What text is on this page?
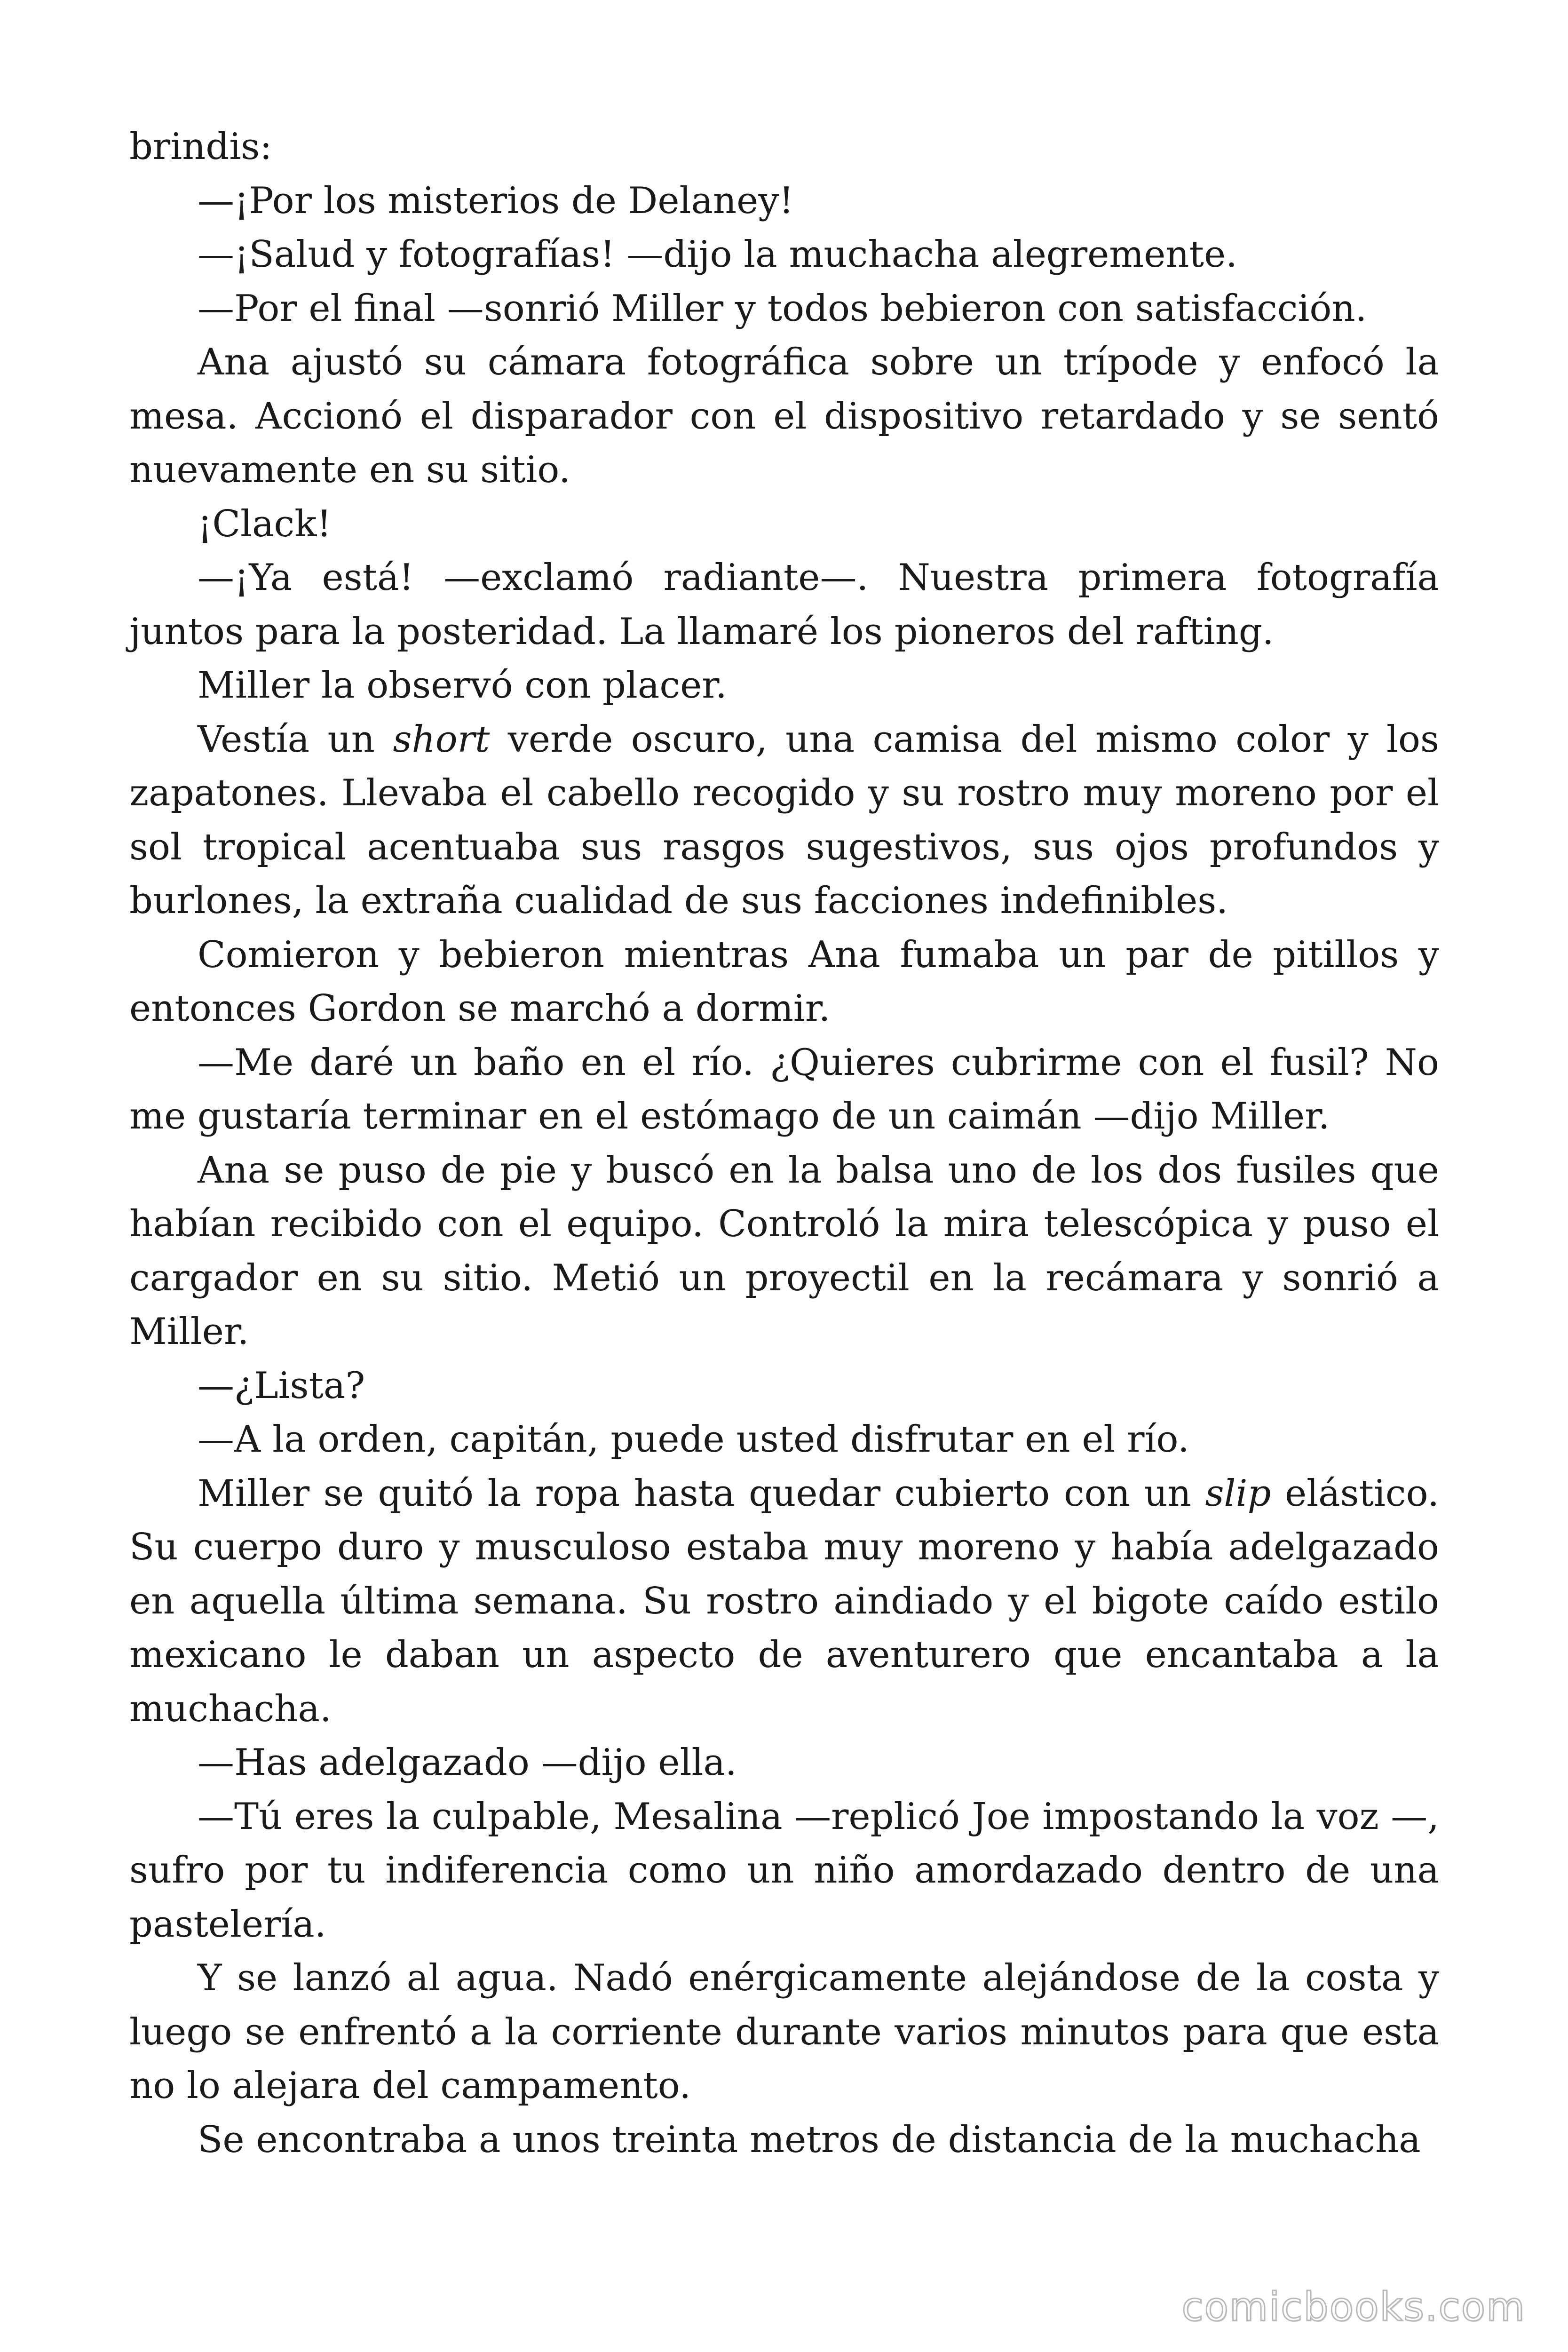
brindis:

—¡Por los misterios de Delaney!

—¡Salud y fotografías! —dijo la muchacha alegremente.

—Por el final —sonrió Miller y todos bebieron con satisfacción.

Ana ajustó su cámara fotográfica sobre un trípode y enfocó la mesa. Accionó el disparador con el dispositivo retardado y se sentó nuevamente en su sitio.

¡Clack!

—¡Ya está! —exclamó radiante—. Nuestra primera fotografía juntos para la posteridad. La llamaré los pioneros del rafting.

Miller la observó con placer.

Vestía un short verde oscuro, una camisa del mismo color y los zapatones. Llevaba el cabello recogido y su rostro muy moreno por el sol tropical acentuaba sus rasgos sugestivos, sus ojos profundos y burlones, la extraña cualidad de sus facciones indefinibles.

Comieron y bebieron mientras Ana fumaba un par de pitillos y entonces Gordon se marchó a dormir.

—Me daré un baño en el río. ¿Quieres cubrirme con el fusil? No me gustaría terminar en el estómago de un caimán —dijo Miller.

Ana se puso de pie y buscó en la balsa uno de los dos fusiles que habían recibido con el equipo. Controló la mira telescópica y puso el cargador en su sitio. Metió un proyectil en la recámara y sonrió a Miller.

—¿Lista?

—A la orden, capitán, puede usted disfrutar en el río.

Miller se quitó la ropa hasta quedar cubierto con un slip elástico. Su cuerpo duro y musculoso estaba muy moreno y había adelgazado en aquella última semana. Su rostro aindiado y el bigote caído estilo mexicano le daban un aspecto de aventurero que encantaba a la muchacha.

—Has adelgazado —dijo ella.

—Tú eres la culpable, Mesalina —replicó Joe impostando la voz —, sufro por tu indiferencia como un niño amordazado dentro de una pastelería.

Y se lanzó al agua. Nadó enérgicamente alejándose de la costa y luego se enfrentó a la corriente durante varios minutos para que esta no lo alejara del campamento.

Se encontraba a unos treinta metros de distancia de la muchacha

comicbooks.com
